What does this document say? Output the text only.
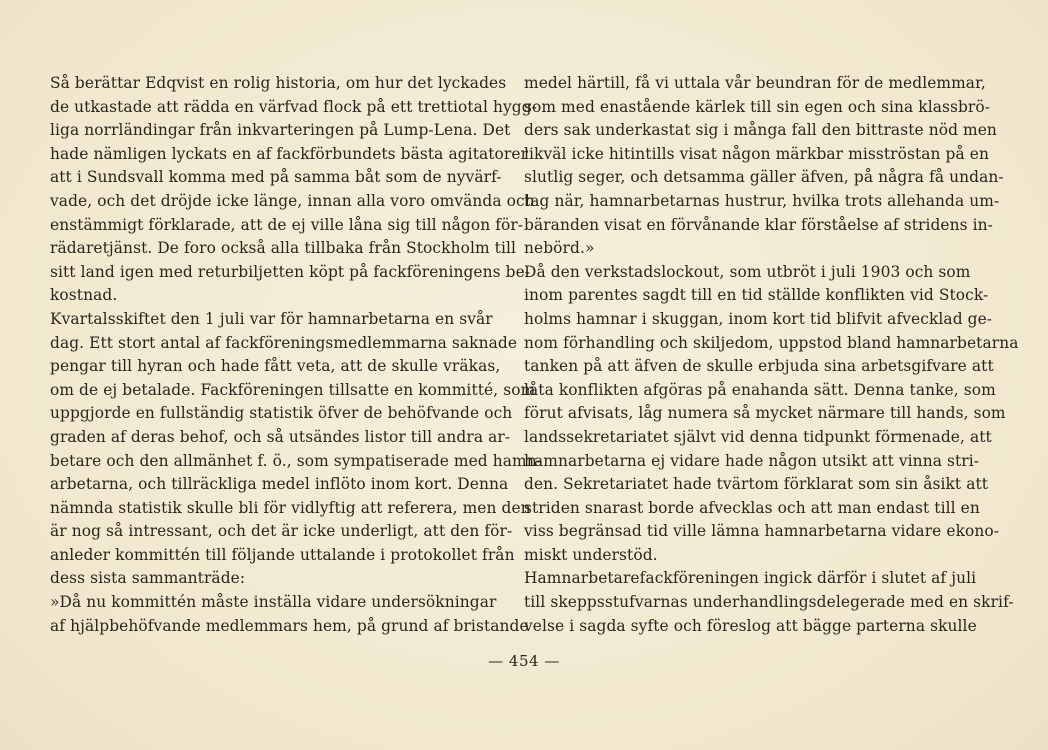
Så berättar Edqvist en rolig historia, om hur det lyckades
de utkastade att rädda en värfvad flock på ett trettiotal hygg-
liga norrländingar från inkvarteringen på Lump-Lena. Det
hade nämligen lyckats en af fackförbundets bästa agitatorer
att i Sundsvall komma med på samma båt som de nyvärf-
vade, och det dröjde icke länge, innan alla voro omvända och
enstämmigt förklarade, att de ej ville låna sig till någon för-
rädaretjänst. De foro också alla tillbaka från Stockholm till
sitt land igen med returbiljetten köpt på fackföreningens be-
kostnad.
Kvartalsskiftet den 1 juli var för hamnarbetarna en svår
dag. Ett stort antal af fackföreningsmedlemmarna saknade
pengar till hyran och hade fått veta, att de skulle vräkas,
om de ej betalade. Fackföreningen tillsatte en kommitté, som
uppgjorde en fullständig statistik öfver de behöfvande och
graden af deras behof, och så utsändes listor till andra ar-
betare och den allmänhet f. ö., som sympatiserade med hamn-
arbetarna, och tillräckliga medel inflöto inom kort. Denna
nämnda statistik skulle bli för vidlyftig att referera, men den
är nog så intressant, och det är icke underligt, att den för-
anleder kommittén till följande uttalande i protokollet från
dess sista sammanträde:
»Då nu kommittén måste inställa vidare undersökningar
af hjälpbehöfvande medlemmars hem, på grund af bristande
medel härtill, få vi uttala vår beundran för de medlemmar,
som med enastående kärlek till sin egen och sina klassbrö-
ders sak underkastat sig i många fall den bittraste nöd men
likväl icke hitintills visat någon märkbar misströstan på en
slutlig seger, och detsamma gäller äfven, på några få undan-
tag när, hamnarbetarnas hustrur, hvilka trots allehanda um-
bäranden visat en förvånande klar förståelse af stridens in-
nebörd.»
Då den verkstadslockout, som utbröt i juli 1903 och som
inom parentes sagdt till en tid ställde konflikten vid Stock-
holms hamnar i skuggan, inom kort tid blifvit afvecklad ge-
nom förhandling och skiljedom, uppstod bland hamnarbetarna
tanken på att äfven de skulle erbjuda sina arbetsgifvare att
låta konflikten afgöras på enahanda sätt. Denna tanke, som
förut afvisats, låg numera så mycket närmare till hands, som
landssekretariatet självt vid denna tidpunkt förmenade, att
hamnarbetarna ej vidare hade någon utsikt att vinna stri-
den. Sekretariatet hade tvärtom förklarat som sin åsikt att
striden snarast borde afvecklas och att man endast till en
viss begränsad tid ville lämna hamnarbetarna vidare ekono-
miskt understöd.
Hamnarbetarefackföreningen ingick därför i slutet af juli
till skeppsstufvarnas underhandlingsdelegerade med en skrif-
velse i sagda syfte och föreslog att bägge parterna skulle
— 454 —
